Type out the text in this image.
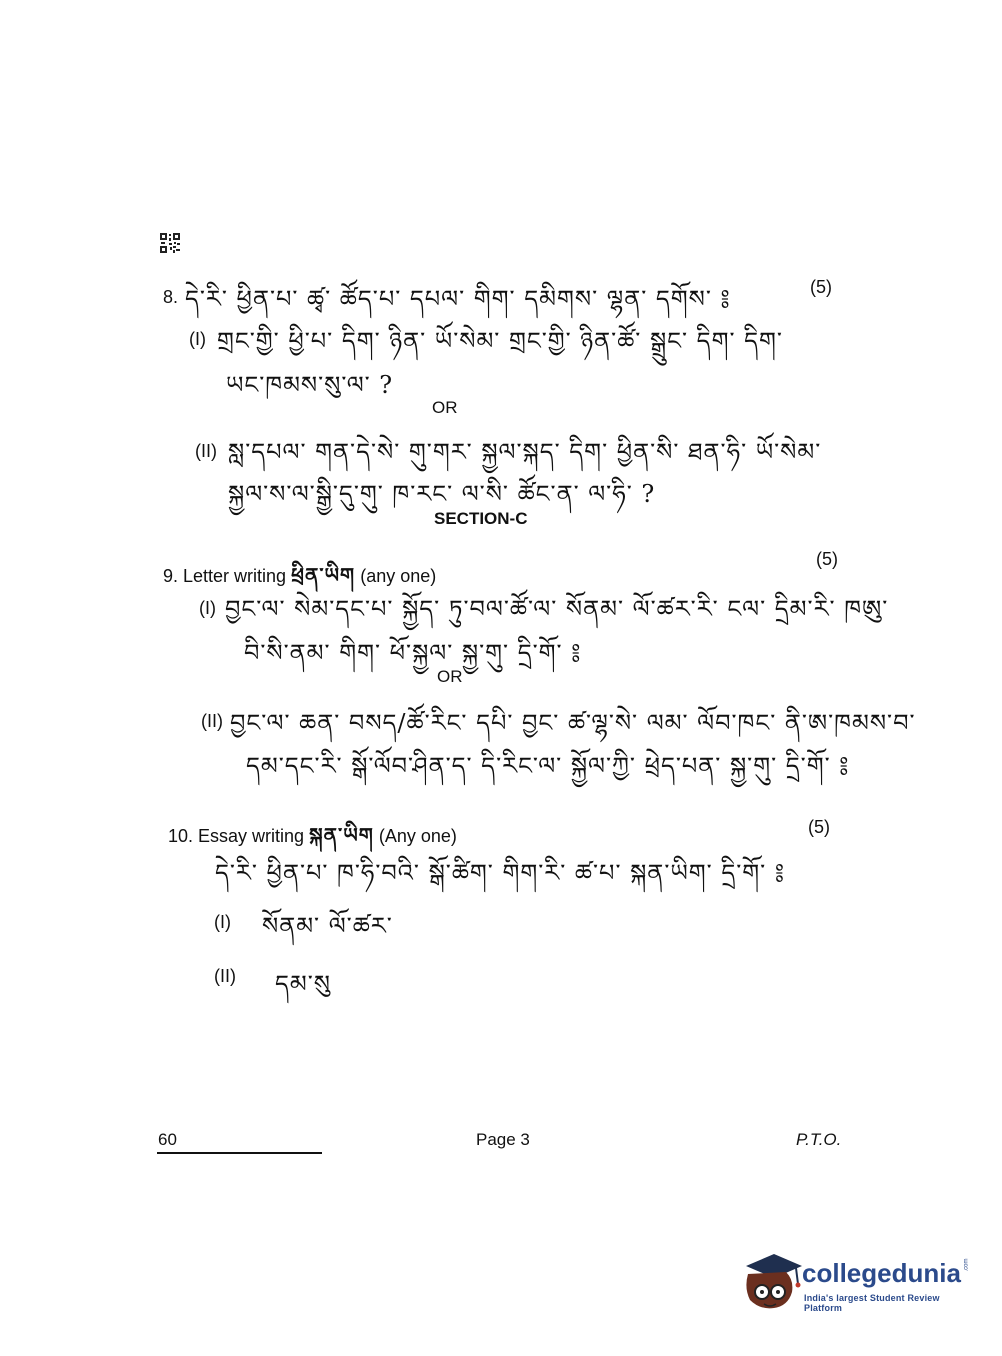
8. དེ་རི་ ཕྱིན་པ་ ཚྭ་ ཚོད་པ་ དཔལ་ གིག་ དམིགས་ ལྷན་ དགོས་ ༔	(5)
(I) གྲང་གྱི་ ཕྱི་པ་ དིག་ ཉིན་ ཡོ་སེམ་ གྲང་གྱི་ ཉིན་ཚོ་ སྒྲུང་ དིག་ དིག་
ཡང་ཁམས་སུ་ལ་ ?
OR
(II) སླ་དཔལ་ གན་དེ་སེ་ གུ་གར་ སྐྱལ་སྐད་ དིག་ ཕྱིན་སི་ ཐན་ཧི་ ཡོ་སེམ་
སྐྱལ་ས་ལ་སྒྱི་དུ་གུ་ ཁ་རང་ ལ་སི་ ཚོང་ན་ ལ་ཧི་ ?
SECTION-C
9. Letter writing ཕྲིན་ཡིག (any one)
(5)
(I) བྱང་ལ་ སེམ་དང་པ་ སྐྱོད་ ཏུ་བལ་ཚོ་ལ་ སོནམ་ ལོ་ཚར་རི་ ངལ་ དྲིམ་རི་ ཁཨུ་
བི་སི་ནམ་ གིག་ ཕོ་སྐྱལ་ སྐྱ་གུ་ དྲི་གོ་ ༔
OR
(II) བྱང་ལ་ ཆན་ བསད/ཚོ་རིང་ དཔི་ བྱང་ ཚ་ལྷ་སེ་ ལམ་ ལོབ་ཁང་ ནི་ཨ་ཁམས་བ་
དམ་དང་རི་ སྒོ་ལོབ་ཤིན་ད་ དི་རིང་ལ་ སྐྱོལ་ཀྱི་ ཕྲེད་པན་ སྐྱ་གུ་ དྲི་གོ་ ༔
10. Essay writing སྐན་ཡིག (Any one)	(5)
དེ་རི་ ཕྱིན་པ་ ཁ་ཧི་བའི་ སྒོ་ཚིག་ གིག་རི་ ཚ་པ་ སྐན་ཡིག་ དྲི་གོ་ ༔
(I) སོནམ་ ལོ་ཚར་
(II) དམ་སུ
60	Page 3	P.T.O.
collegedunia .com
India's largest Student Review Platform
